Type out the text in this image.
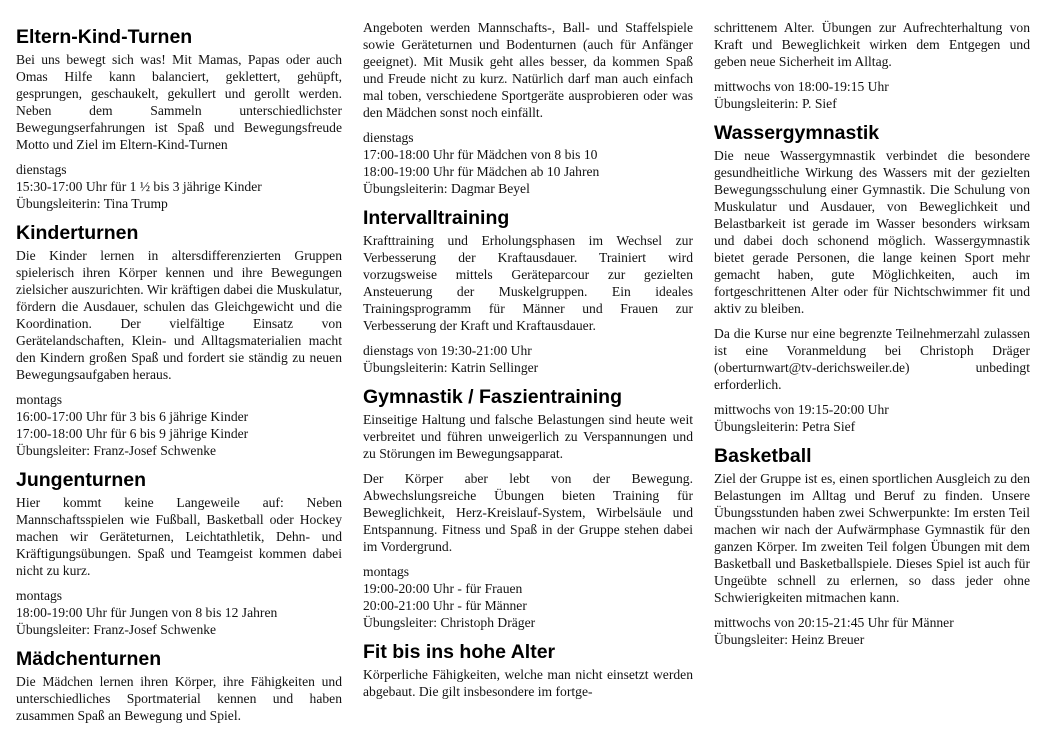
Eltern-Kind-Turnen

Bei uns bewegt sich was! Mit Mamas, Papas oder auch Omas Hilfe kann balanciert, geklettert, gehüpft, gesprungen, geschaukelt, gekullert und gerollt werden. Neben dem Sammeln unterschiedlichster Bewegungserfahrungen ist Spaß und Bewegungsfreude Motto und Ziel im Eltern-Kind-Turnen

dienstags
15:30-17:00 Uhr für 1 ½ bis 3 jährige Kinder
Übungsleiterin: Tina Trump
Kinderturnen

Die Kinder lernen in altersdifferenzierten Gruppen spielerisch ihren Körper kennen und ihre Bewegungen zielsicher auszurichten. Wir kräftigen dabei die Muskulatur, fördern die Ausdauer, schulen das Gleichgewicht und die Koordination. Der vielfältige Einsatz von Gerätelandschaften, Klein- und Alltagsmaterialien macht den Kindern großen Spaß und fordert sie ständig zu neuen Bewegungsaufgaben heraus.

montags
16:00-17:00 Uhr für 3 bis 6 jährige Kinder
17:00-18:00 Uhr für 6 bis 9 jährige Kinder
Übungsleiter: Franz-Josef Schwenke
Jungenturnen

Hier kommt keine Langeweile auf: Neben Mannschaftsspielen wie Fußball, Basketball oder Hockey machen wir Geräteturnen, Leichtathletik, Dehn- und Kräftigungsübungen. Spaß und Teamgeist kommen dabei nicht zu kurz.

montags
18:00-19:00 Uhr für Jungen von 8 bis 12 Jahren
Übungsleiter: Franz-Josef Schwenke
Mädchenturnen

Die Mädchen lernen ihren Körper, ihre Fähigkeiten und unterschiedliches Sportmaterial kennen und haben zusammen Spaß an Bewegung und Spiel.

Angeboten werden Mannschafts-, Ball- und Staffelspiele sowie Geräteturnen und Bodenturnen (auch für Anfänger geeignet). Mit Musik geht alles besser, da kommen Spaß und Freude nicht zu kurz. Natürlich darf man auch einfach mal toben, verschiedene Sportgeräte ausprobieren oder was den Mädchen sonst noch einfällt.

dienstags
17:00-18:00 Uhr für Mädchen von 8 bis 10
18:00-19:00 Uhr für Mädchen ab 10 Jahren
Übungsleiterin: Dagmar Beyel
Intervalltraining

Krafttraining und Erholungsphasen im Wechsel zur Verbesserung der Kraftausdauer. Trainiert wird vorzugsweise mittels Geräteparcour zur gezielten Ansteuerung der Muskelgruppen. Ein ideales Trainingsprogramm für Männer und Frauen zur Verbesserung der Kraft und Kraftausdauer.

dienstags von 19:30-21:00 Uhr
Übungsleiterin: Katrin Sellinger
Gymnastik / Faszientraining

Einseitige Haltung und falsche Belastungen sind heute weit verbreitet und führen unweigerlich zu Verspannungen und zu Störungen im Bewegungsapparat.

Der Körper aber lebt von der Bewegung. Abwechslungsreiche Übungen bieten Training für Beweglichkeit, Herz-Kreislauf-System, Wirbelsäule und Entspannung. Fitness und Spaß in der Gruppe stehen dabei im Vordergrund.

montags
19:00-20:00 Uhr - für Frauen
20:00-21:00 Uhr - für Männer
Übungsleiter: Christoph Dräger
Fit bis ins hohe Alter

Körperliche Fähigkeiten, welche man nicht einsetzt werden abgebaut. Die gilt insbesondere im fortge-

schrittenem Alter. Übungen zur Aufrechterhaltung von Kraft und Beweglichkeit wirken dem Entgegen und geben neue Sicherheit im Alltag.

mittwochs von 18:00-19:15 Uhr
Übungsleiterin: P. Sief
Wassergymnastik

Die neue Wassergymnastik verbindet die besondere gesundheitliche Wirkung des Wassers mit der gezielten Bewegungsschulung einer Gymnastik. Die Schulung von Muskulatur und Ausdauer, von Beweglichkeit und Belastbarkeit ist gerade im Wasser besonders wirksam und dabei doch schonend möglich. Wassergymnastik bietet gerade Personen, die lange keinen Sport mehr gemacht haben, gute Möglichkeiten, auch im fortgeschrittenen Alter oder für Nichtschwimmer fit und aktiv zu bleiben.

Da die Kurse nur eine begrenzte Teilnehmerzahl zulassen ist eine Voranmeldung bei Christoph Dräger (oberturnwart@tv-derichsweiler.de) unbedingt erforderlich.

mittwochs von 19:15-20:00 Uhr
Übungsleiterin: Petra Sief
Basketball

Ziel der Gruppe ist es, einen sportlichen Ausgleich zu den Belastungen im Alltag und Beruf zu finden. Unsere Übungsstunden haben zwei Schwerpunkte: Im ersten Teil machen wir nach der Aufwärmphase Gymnastik für den ganzen Körper. Im zweiten Teil folgen Übungen mit dem Basketball und Basketballspiele. Dieses Spiel ist auch für Ungeübte schnell zu erlernen, so dass jeder ohne Schwierigkeiten mitmachen kann.

mittwochs von 20:15-21:45 Uhr für Männer
Übungsleiter: Heinz Breuer
